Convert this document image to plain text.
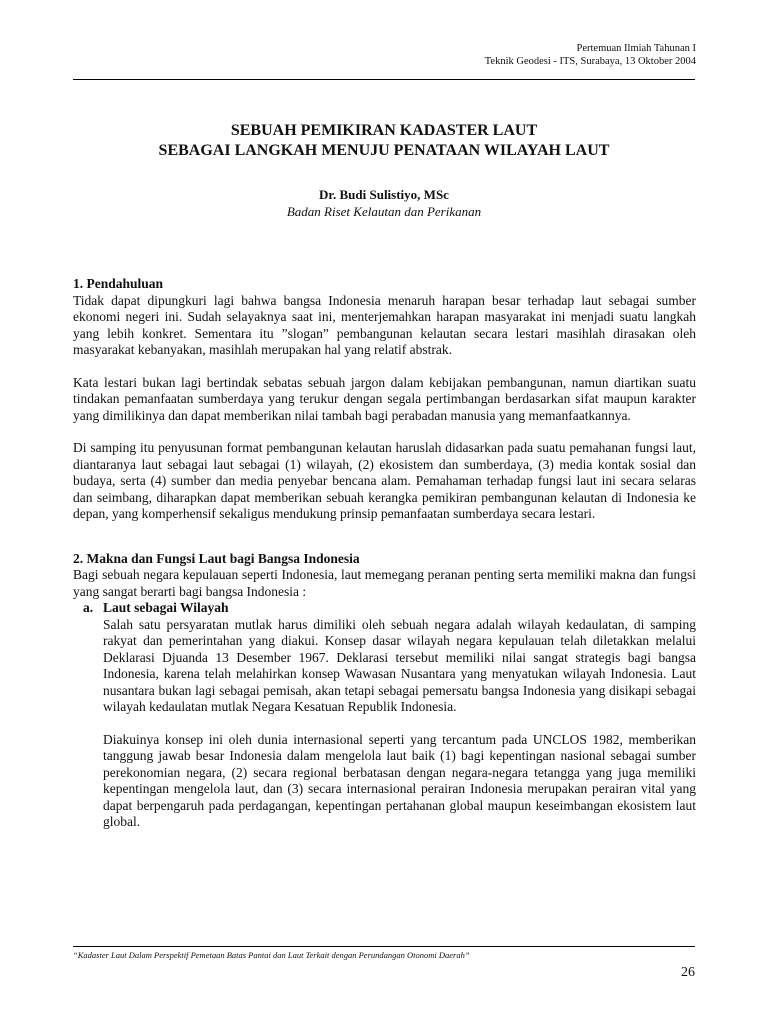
Pertemuan Ilmiah Tahunan I
Teknik Geodesi - ITS, Surabaya, 13 Oktober 2004
SEBUAH PEMIKIRAN KADASTER LAUT
SEBAGAI LANGKAH MENUJU PENATAAN WILAYAH LAUT
Dr. Budi Sulistiyo, MSc
Badan Riset Kelautan dan Perikanan
1. Pendahuluan

Tidak dapat dipungkuri lagi bahwa bangsa Indonesia menaruh harapan besar terhadap laut sebagai sumber ekonomi negeri ini. Sudah selayaknya saat ini, menterjemahkan harapan masyarakat ini menjadi suatu langkah yang lebih konkret. Sementara itu ”slogan” pembangunan kelautan secara lestari masihlah dirasakan oleh masyarakat kebanyakan, masihlah merupakan hal yang relatif abstrak.

Kata lestari bukan lagi bertindak sebatas sebuah jargon dalam kebijakan pembangunan, namun diartikan suatu tindakan pemanfaatan sumberdaya yang terukur dengan segala pertimbangan berdasarkan sifat maupun karakter yang dimilikinya dan dapat memberikan nilai tambah bagi perabadan manusia yang memanfaatkannya.

Di samping itu penyusunan format pembangunan kelautan haruslah didasarkan pada suatu pemahanan fungsi laut, diantaranya laut sebagai laut sebagai (1) wilayah, (2) ekosistem dan sumberdaya, (3) media kontak sosial dan budaya, serta (4) sumber dan media penyebar bencana alam. Pemahaman terhadap fungsi laut ini secara selaras dan seimbang, diharapkan dapat memberikan sebuah kerangka pemikiran pembangunan kelautan di Indonesia ke depan, yang komperhensif sekaligus mendukung prinsip pemanfaatan sumberdaya secara lestari.

2. Makna dan Fungsi Laut bagi Bangsa Indonesia

Bagi sebuah negara kepulauan seperti Indonesia, laut memegang peranan penting serta memiliki makna dan fungsi yang sangat berarti bagi bangsa Indonesia :

a. Laut sebagai Wilayah

Salah satu persyaratan mutlak harus dimiliki oleh sebuah negara adalah wilayah kedaulatan, di samping rakyat dan pemerintahan yang diakui. Konsep dasar wilayah negara kepulauan telah diletakkan melalui Deklarasi Djuanda 13 Desember 1967. Deklarasi tersebut memiliki nilai sangat strategis bagi bangsa Indonesia, karena telah melahirkan konsep Wawasan Nusantara yang menyatukan wilayah Indonesia. Laut nusantara bukan lagi sebagai pemisah, akan tetapi sebagai pemersatu bangsa Indonesia yang disikapi sebagai wilayah kedaulatan mutlak Negara Kesatuan Republik Indonesia.

Diakuinya konsep ini oleh dunia internasional seperti yang tercantum pada UNCLOS 1982, memberikan tanggung jawab besar Indonesia dalam mengelola laut baik (1) bagi kepentingan nasional sebagai sumber perekonomian negara, (2) secara regional berbatasan dengan negara-negara tetangga yang juga memiliki kepentingan mengelola laut, dan (3) secara internasional perairan Indonesia merupakan perairan vital yang dapat berpengaruh pada perdagangan, kepentingan pertahanan global maupun keseimbangan ekosistem laut global.

“Kadaster Laut Dalam Perspektif Pemetaan Batas Pantai dan Laut Terkait dengan Perundangan Otonomi Daerah”
26
